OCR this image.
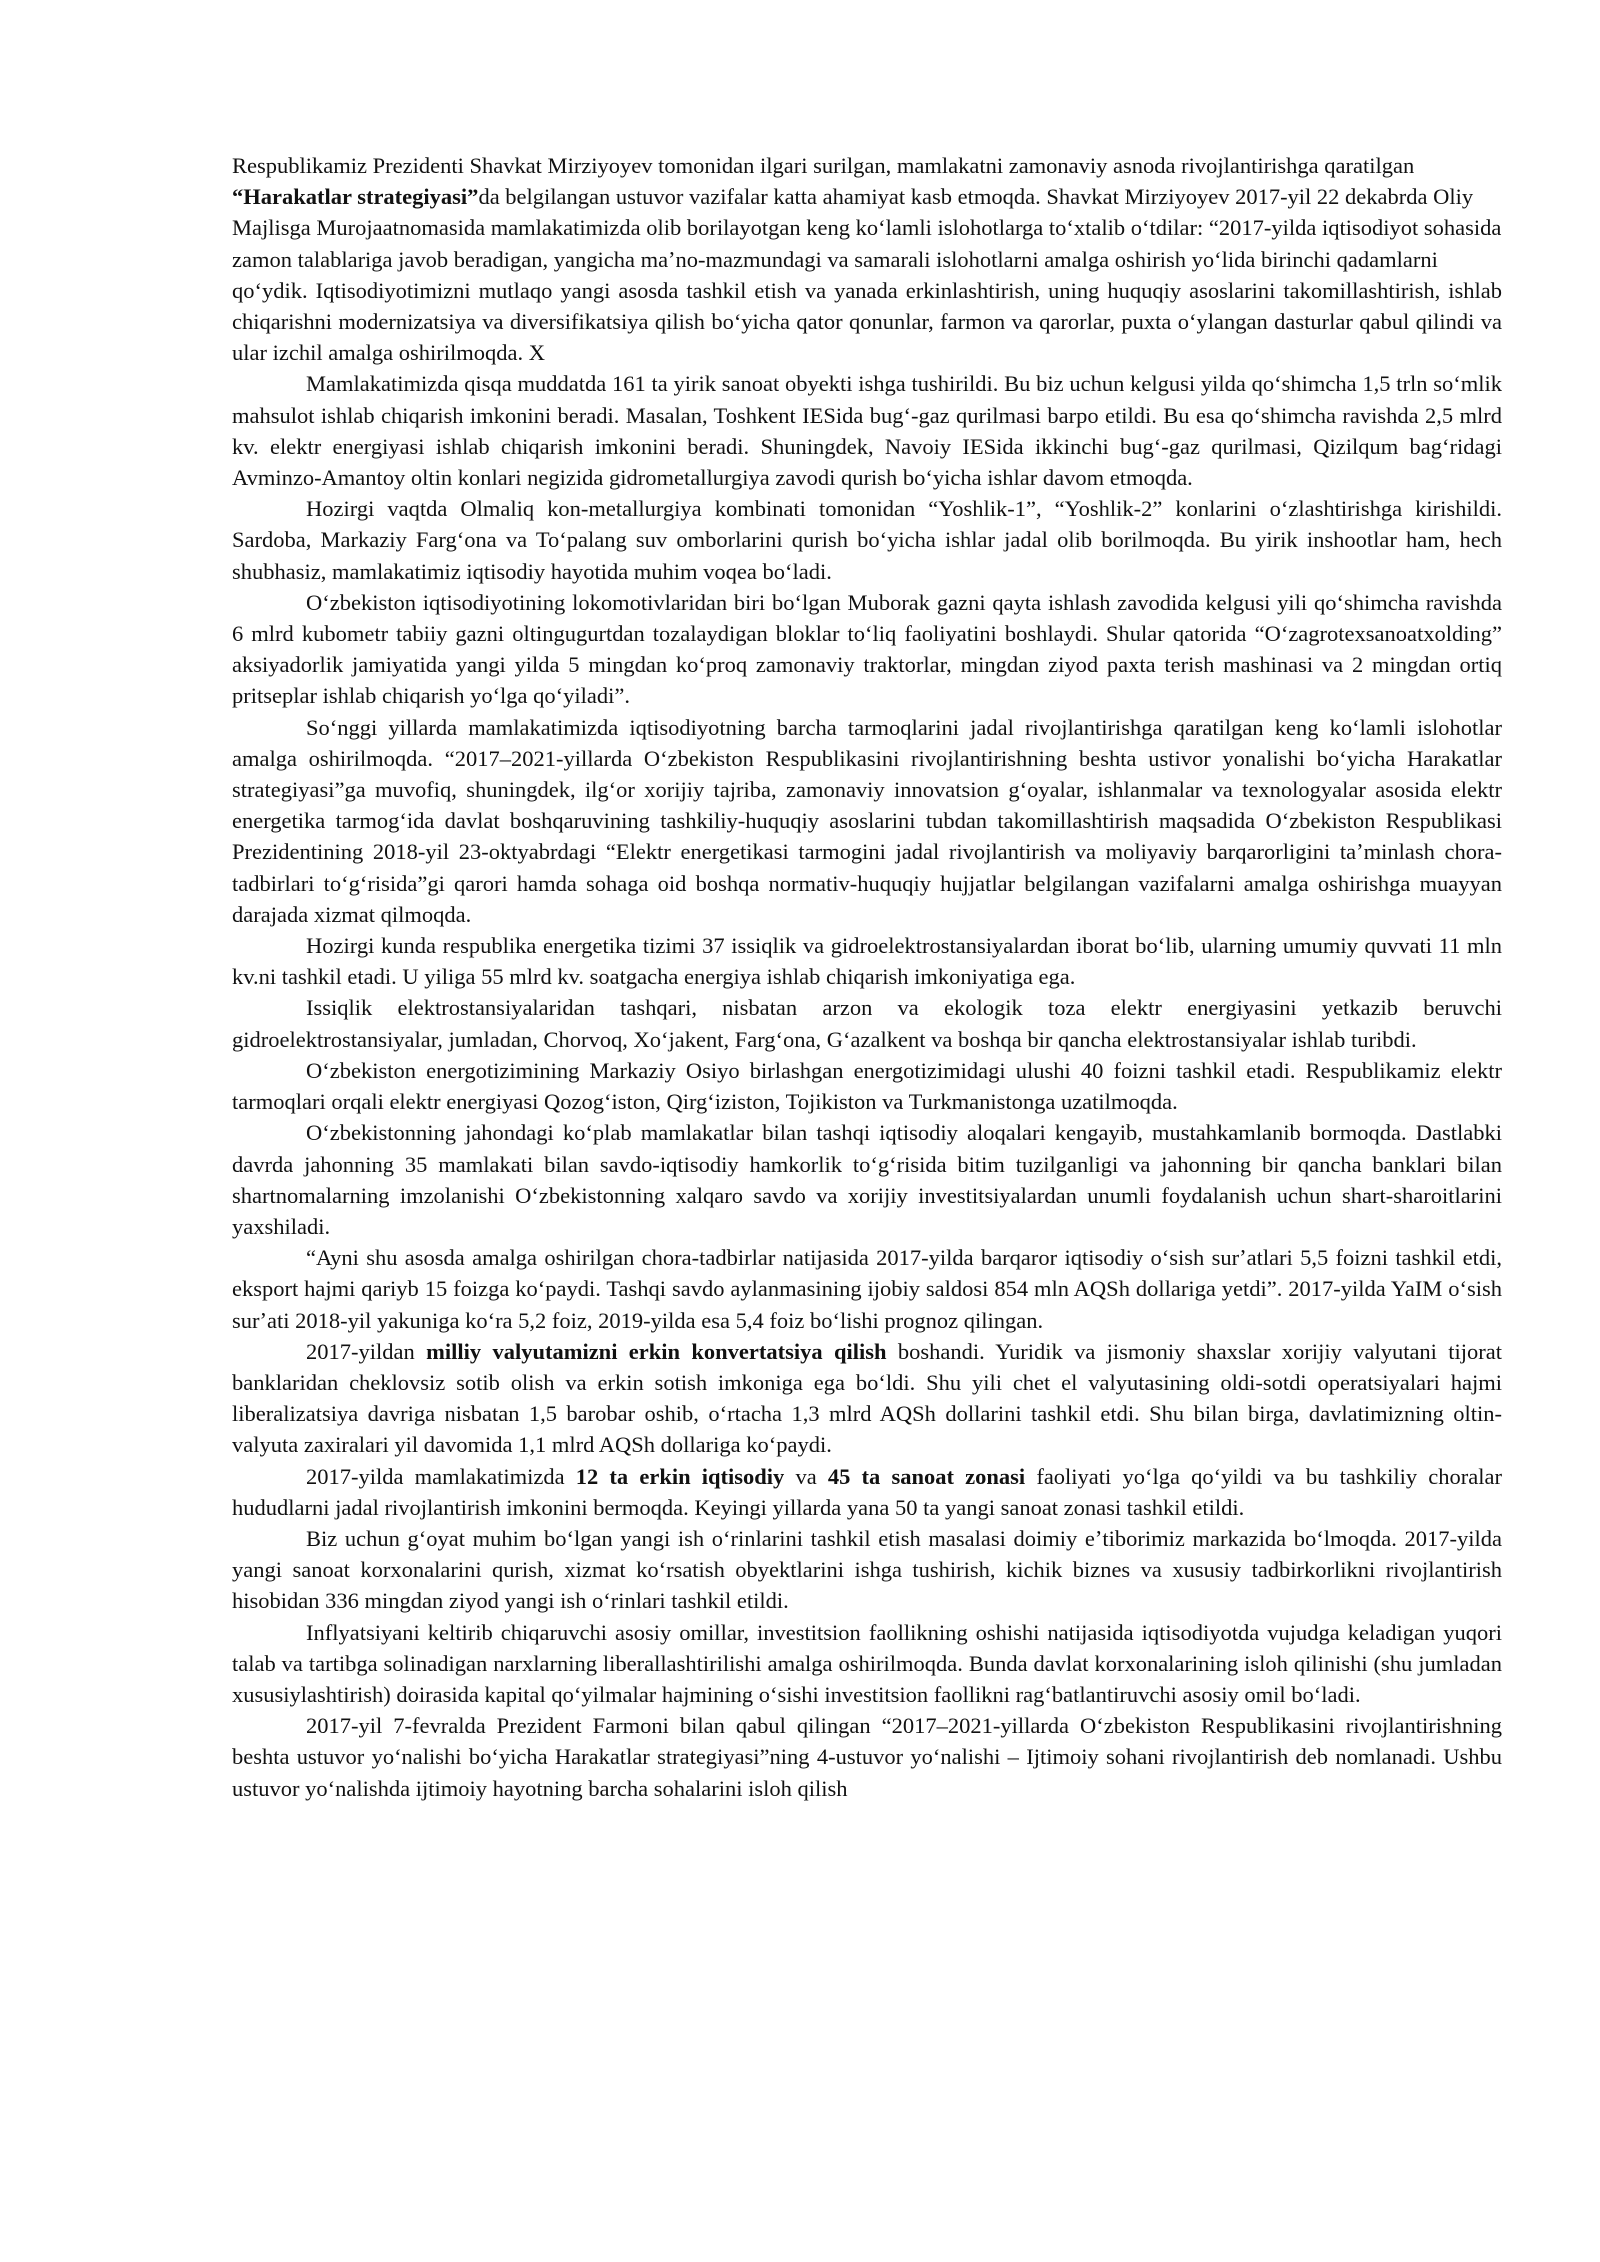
Respublikamiz Prezidenti Shavkat Mirziyoyev tomonidan ilgari surilgan, mamlakatni zamonaviy asnoda rivojlantirishga qaratilgan “Harakatlar strategiyasi”da belgilangan ustuvor vazifalar katta ahamiyat kasb etmoqda. Shavkat Mirziyoyev 2017-yil 22 dekabrda Oliy Majlisga Murojaatnomasida mamlakatimizda olib borilayotgan keng koʻlamli islohotlarga toʻxtalib oʻtdilar: “2017-yilda iqtisodiyot sohasida zamon talablariga javob beradigan, yangicha maʼno-mazmundagi va samarali islohotlarni amalga oshirish yoʻlida birinchi qadamlarni

qoʻydik. Iqtisodiyotimizni mutlaqo yangi asosda tashkil etish va yanada erkinlashtirish, uning huquqiy asoslarini takomillashtirish, ishlab chiqarishni modernizatsiya va diversifikatsiya qilish boʻyicha qator qonunlar, farmon va qarorlar, puxta oʻylangan dasturlar qabul qilindi va ular izchil amalga oshirilmoqda. X

Mamlakatimizda qisqa muddatda 161 ta yirik sanoat obyekti ishga tushirildi. Bu biz uchun kelgusi yilda qoʻshimcha 1,5 trln soʻmlik mahsulot ishlab chiqarish imkonini beradi. Masalan, Toshkent IESida bugʻ-gaz qurilmasi barpo etildi. Bu esa qoʻshimcha ravishda 2,5 mlrd kv. elektr energiyasi ishlab chiqarish imkonini beradi. Shuningdek, Navoiy IESida ikkinchi bugʻ-gaz qurilmasi, Qizilqum bagʻridagi Avminzo-Amantoy oltin konlari negizida gidrometallurgiya zavodi qurish boʻyicha ishlar davom etmoqda.

Hozirgi vaqtda Olmaliq kon-metallurgiya kombinati tomonidan “Yoshlik-1”, “Yoshlik-2” konlarini oʻzlashtirishga kirishildi. Sardoba, Markaziy Fargʻona va Toʻpalang suv omborlarini qurish boʻyicha ishlar jadal olib borilmoqda. Bu yirik inshootlar ham, hech shubhasiz, mamlakatimiz iqtisodiy hayotida muhim voqea boʻladi.

Oʻzbekiston iqtisodiyotining lokomotivlaridan biri boʻlgan Muborak gazni qayta ishlash zavodida kelgusi yili qoʻshimcha ravishda 6 mlrd kubometr tabiiy gazni oltingugurtdan tozalaydigan bloklar toʻliq faoliyatini boshlaydi. Shular qatorida “Oʻzagrotexsanoatxolding” aksiyadorlik jamiyatida yangi yilda 5 mingdan koʻproq zamonaviy traktorlar, mingdan ziyod paxta terish mashinasi va 2 mingdan ortiq pritseplar ishlab chiqarish yoʻlga qoʻyiladi”.

Soʻnggi yillarda mamlakatimizda iqtisodiyotning barcha tarmoqlarini jadal rivojlantirishga qaratilgan keng koʻlamli islohotlar amalga oshirilmoqda. “2017–2021-yillarda Oʻzbekiston Respublikasini rivojlantirishning beshta ustivor yonalishi boʻyicha Harakatlar strategiyasi”ga muvofiq, shuningdek, ilgʻor xorijiy tajriba, zamonaviy innovatsion gʻoyalar, ishlanmalar va texnologyalar asosida elektr energetika tarmogʻida davlat boshqaruvining tashkiliy-huquqiy asoslarini tubdan takomillashtirish maqsadida Oʻzbekiston Respublikasi Prezidentining 2018-yil 23-oktyabrdagi “Elektr energetikasi tarmogini jadal rivojlantirish va moliyaviy barqarorligini taʼminlash chora-tadbirlari toʻgʻrisida”gi qarori hamda sohaga oid boshqa normativ-huquqiy hujjatlar belgilangan vazifalarni amalga oshirishga muayyan darajada xizmat qilmoqda.

Hozirgi kunda respublika energetika tizimi 37 issiqlik va gidroelektrostansiyalardan iborat boʻlib, ularning umumiy quvvati 11 mln kv.ni tashkil etadi. U yiliga 55 mlrd kv. soatgacha energiya ishlab chiqarish imkoniyatiga ega.

Issiqlik elektrostansiyalaridan tashqari, nisbatan arzon va ekologik toza elektr energiyasini yetkazib beruvchi gidroelektrostansiyalar, jumladan, Chorvoq, Xoʻjakent, Fargʻona, Gʻazalkent va boshqa bir qancha elektrostansiyalar ishlab turibdi.

Oʻzbekiston energotizimining Markaziy Osiyo birlashgan energotizimidagi ulushi 40 foizni tashkil etadi. Respublikamiz elektr tarmoqlari orqali elektr energiyasi Qozogʻiston, Qirgʻiziston, Tojikiston va Turkmanistonga uzatilmoqda.

Oʻzbekistonning jahondagi koʻplab mamlakatlar bilan tashqi iqtisodiy aloqalari kengayib, mustahkamlanib bormoqda. Dastlabki davrda jahonning 35 mamlakati bilan savdo-iqtisodiy hamkorlik toʻgʻrisida bitim tuzilganligi va jahonning bir qancha banklari bilan shartnomalarning imzolanishi Oʻzbekistonning xalqaro savdo va xorijiy investitsiyalardan unumli foydalanish uchun shart-sharoitlarini yaxshiladi.

“Ayni shu asosda amalga oshirilgan chora-tadbirlar natijasida 2017-yilda barqaror iqtisodiy oʻsish surʼatlari 5,5 foizni tashkil etdi, eksport hajmi qariyb 15 foizga koʻpaydi. Tashqi savdo aylanmasining ijobiy saldosi 854 mln AQSh dollariga yetdi”. 2017-yilda YaIM oʻsish surʼati 2018-yil yakuniga koʻra 5,2 foiz, 2019-yilda esa 5,4 foiz boʻlishi prognoz qilingan.

2017-yildan milliy valyutamizni erkin konvertatsiya qilish boshandi. Yuridik va jismoniy shaxslar xorijiy valyutani tijorat banklaridan cheklovsiz sotib olish va erkin sotish imkoniga ega boʻldi. Shu yili chet el valyutasining oldi-sotdi operatsiyalari hajmi liberalizatsiya davriga nisbatan 1,5 barobar oshib, oʻrtacha 1,3 mlrd AQSh dollarini tashkil etdi. Shu bilan birga, davlatimizning oltin-valyuta zaxiralari yil davomida 1,1 mlrd AQSh dollariga koʻpaydi.

2017-yilda mamlakatimizda 12 ta erkin iqtisodiy va 45 ta sanoat zonasi faoliyati yoʻlga qoʻyildi va bu tashkiliy choralar hududlarni jadal rivojlantirish imkonini bermoqda. Keyingi yillarda yana 50 ta yangi sanoat zonasi tashkil etildi.

Biz uchun gʻoyat muhim boʻlgan yangi ish oʻrinlarini tashkil etish masalasi doimiy eʼtiborimiz markazida boʻlmoqda. 2017-yilda yangi sanoat korxonalarini qurish, xizmat koʻrsatish obyektlarini ishga tushirish, kichik biznes va xususiy tadbirkorlikni rivojlantirish hisobidan 336 mingdan ziyod yangi ish oʻrinlari tashkil etildi.

Inflyatsiyani keltirib chiqaruvchi asosiy omillar, investitsion faollikning oshishi natijasida iqtisodiyotda vujudga keladigan yuqori talab va tartibga solinadigan narxlarning liberallashtirilishi amalga oshirilmoqda. Bunda davlat korxonalarining isloh qilinishi (shu jumladan xususiylashtirish) doirasida kapital qoʻyilmalar hajmining oʻsishi investitsion faollikni ragʻbatlantiruvchi asosiy omil boʻladi.

2017-yil 7-fevralda Prezident Farmoni bilan qabul qilingan “2017–2021-yillarda Oʻzbekiston Respublikasini rivojlantirishning beshta ustuvor yoʻnalishi boʻyicha Harakatlar strategiyasi”ning 4-ustuvor yoʻnalishi – Ijtimoiy sohani rivojlantirish deb nomlanadi. Ushbu ustuvor yoʻnalishda ijtimoiy hayotning barcha sohalarini isloh qilish
